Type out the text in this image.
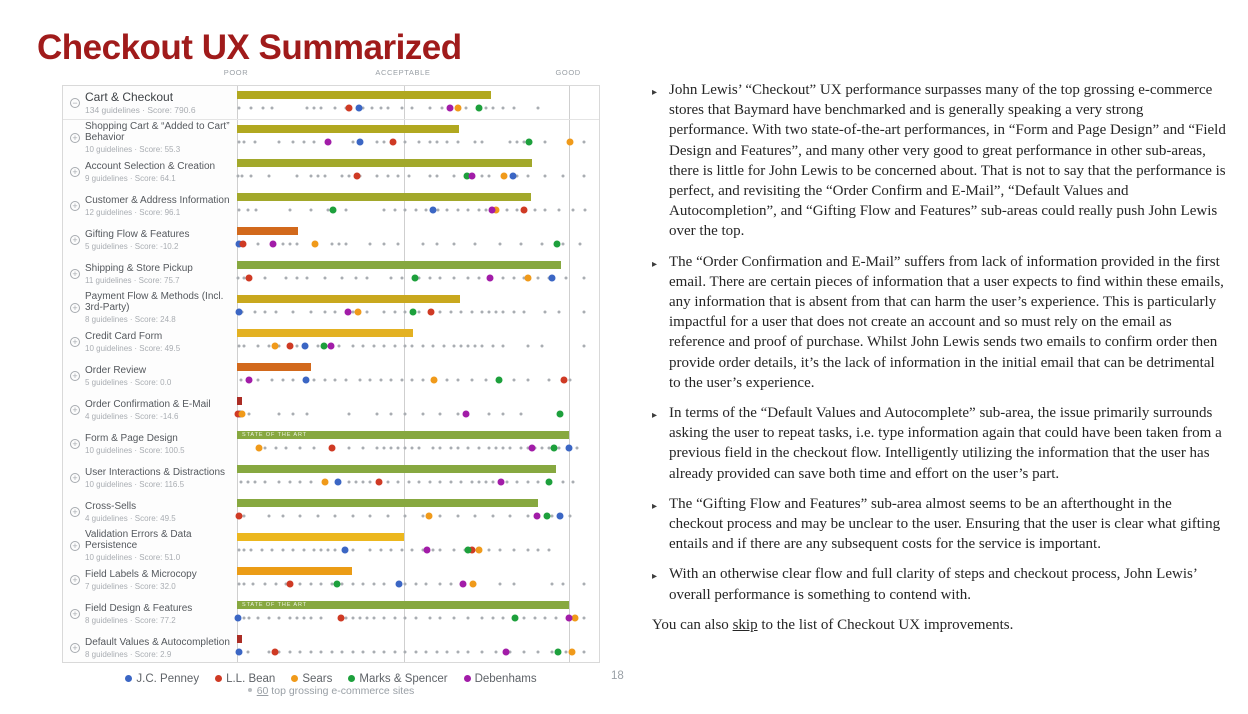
Checkout UX Summarized
POOR	ACCEPTABLE	GOOD
− Cart & Checkout
134 guidelines · Score: 790.6
+
Shopping Cart & “Added to Cart” Behavior
10 guidelines · Score: 55.3
+ Account Selection & Creation
9 guidelines · Score: 64.1
+ Customer & Address Information
12 guidelines · Score: 96.1
+ Gifting Flow & Features
5 guidelines · Score: -10.2
+ Shipping & Store Pickup
11 guidelines · Score: 75.7
+
Payment Flow & Methods (Incl. 3rd-Party)
8 guidelines · Score: 24.8
+ Credit Card Form
10 guidelines · Score: 49.5
+ Order Review
5 guidelines · Score: 0.0
+ Order Confirmation & E-Mail
4 guidelines · Score: -14.6
+ Form & Page Design
10 guidelines · Score: 100.5
STATE OF THE ART
+ User Interactions & Distractions
10 guidelines · Score: 116.5
+ Cross-Sells
4 guidelines · Score: 49.5
+
Validation Errors & Data Persistence
10 guidelines · Score: 51.0
+ Field Labels & Microcopy
7 guidelines · Score: 32.0
+ Field Design & Features
8 guidelines · Score: 77.2
STATE OF THE ART
+ Default Values & Autocompletion
8 guidelines · Score: 2.9
J.C. Penney L.L. Bean Sears Marks & Spencer Debenhams
60 top grossing e-commerce sites
18
▸ John Lewis’ “Checkout” UX performance surpasses many of the top grossing e-commerce stores that Baymard have benchmarked and is generally speaking a very strong performance. With two state-of-the-art performances, in “Form and Page Design” and “Field Design and Features”, and many other very good to great performance in other sub-areas, there is little for John Lewis to be concerned about. That is not to say that the performance is perfect, and revisiting the “Order Confirm and E-Mail”, “Default Values and Autocompletion”, and “Gifting Flow and Features” sub-areas could really push John Lewis over the top.
▸ The “Order Confirmation and E-Mail” suffers from lack of information provided in the first email. There are certain pieces of information that a user expects to find within these emails, any information that is absent from that can harm the user’s experience. This is particularly impactful for a user that does not create an account and so must rely on the email as reference and proof of purchase. Whilst John Lewis sends two emails to confirm order then provide order details, it’s the lack of information in the initial email that can be detrimental to the user’s experience.
▸ In terms of the “Default Values and Autocomplete” sub-area, the issue primarily surrounds asking the user to repeat tasks, i.e. type information again that could have been taken from a previous field in the checkout flow. Intelligently utilizing the information that the user has already provided can save both time and effort on the user’s part.
▸ The “Gifting Flow and Features” sub-area almost seems to be an afterthought in the checkout process and may be unclear to the user. Ensuring that the user is clear what gifting entails and if there are any subsequent costs for the service is important.
▸ With an otherwise clear flow and full clarity of steps and checkout process, John Lewis’ overall performance is something to contend with.
You can also skip to the list of Checkout UX improvements.
